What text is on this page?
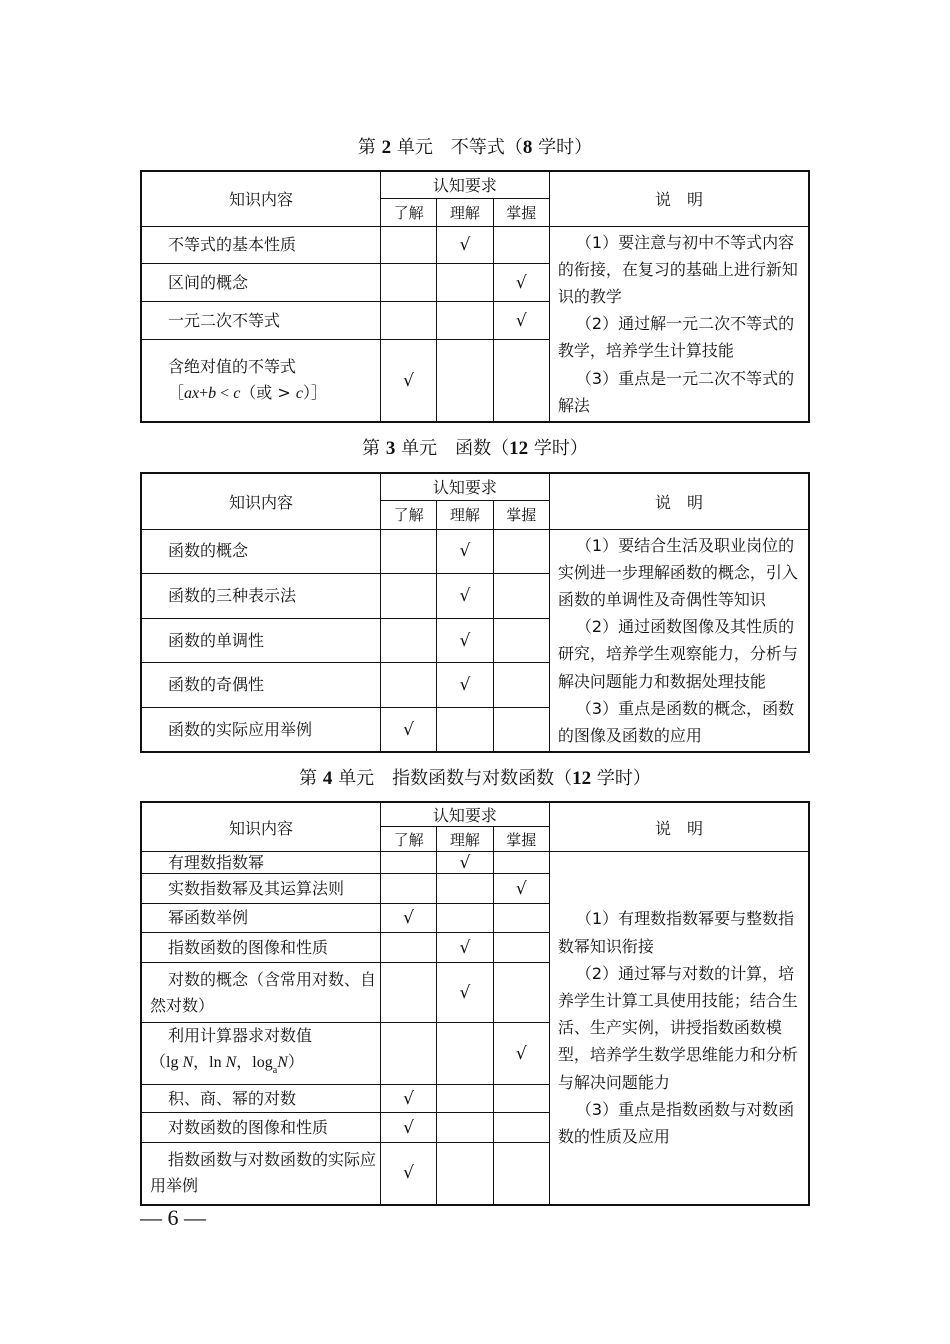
第 2 单元　不等式（8 学时）
知识内容	认知要求			说　明
	了解	理解	掌握	
不等式的基本性质		√		（1）要注意与初中不等式内容的衔接，在复习的基础上进行新知识的教学

（2）通过解一元二次不等式的教学，培养学生计算技能

（3）重点是一元二次不等式的解法

区间的概念			√	
一元二次不等式			√	

含绝对值的不等式
［ax+b < c（或 > c）］	√			
第 3 单元　函数（12 学时）
知识内容	认知要求			说　明
	了解	理解	掌握	
函数的概念		√		（1）要结合生活及职业岗位的实例进一步理解函数的概念，引入函数的单调性及奇偶性等知识

（2）通过函数图像及其性质的研究，培养学生观察能力，分析与解决问题能力和数据处理技能

（3）重点是函数的概念，函数的图像及函数的应用

函数的三种表示法		√		
函数的单调性		√		
函数的奇偶性		√		
函数的实际应用举例	√			
第 4 单元　指数函数与对数函数（12 学时）
知识内容	认知要求			说　明
	了解	理解	掌握	
有理数指数幂		√		（1）有理数指数幂要与整数指数幂知识衔接

（2）通过幂与对数的计算，培养学生计算工具使用技能；结合生活、生产实例，讲授指数函数模型，培养学生数学思维能力和分析与解决问题能力

（3）重点是指数函数与对数函数的性质及应用

实数指数幂及其运算法则			√	
幂函数举例	√			
指数函数的图像和性质		√		
对数的概念（含常用对数、自然对数）		√		

利用计算器求对数值
（lg N，ln N，$\log_aN$）			√	
积、商、幂的对数	√			
对数函数的图像和性质	√			
指数函数与对数函数的实际应用举例	√			
— 6 —
